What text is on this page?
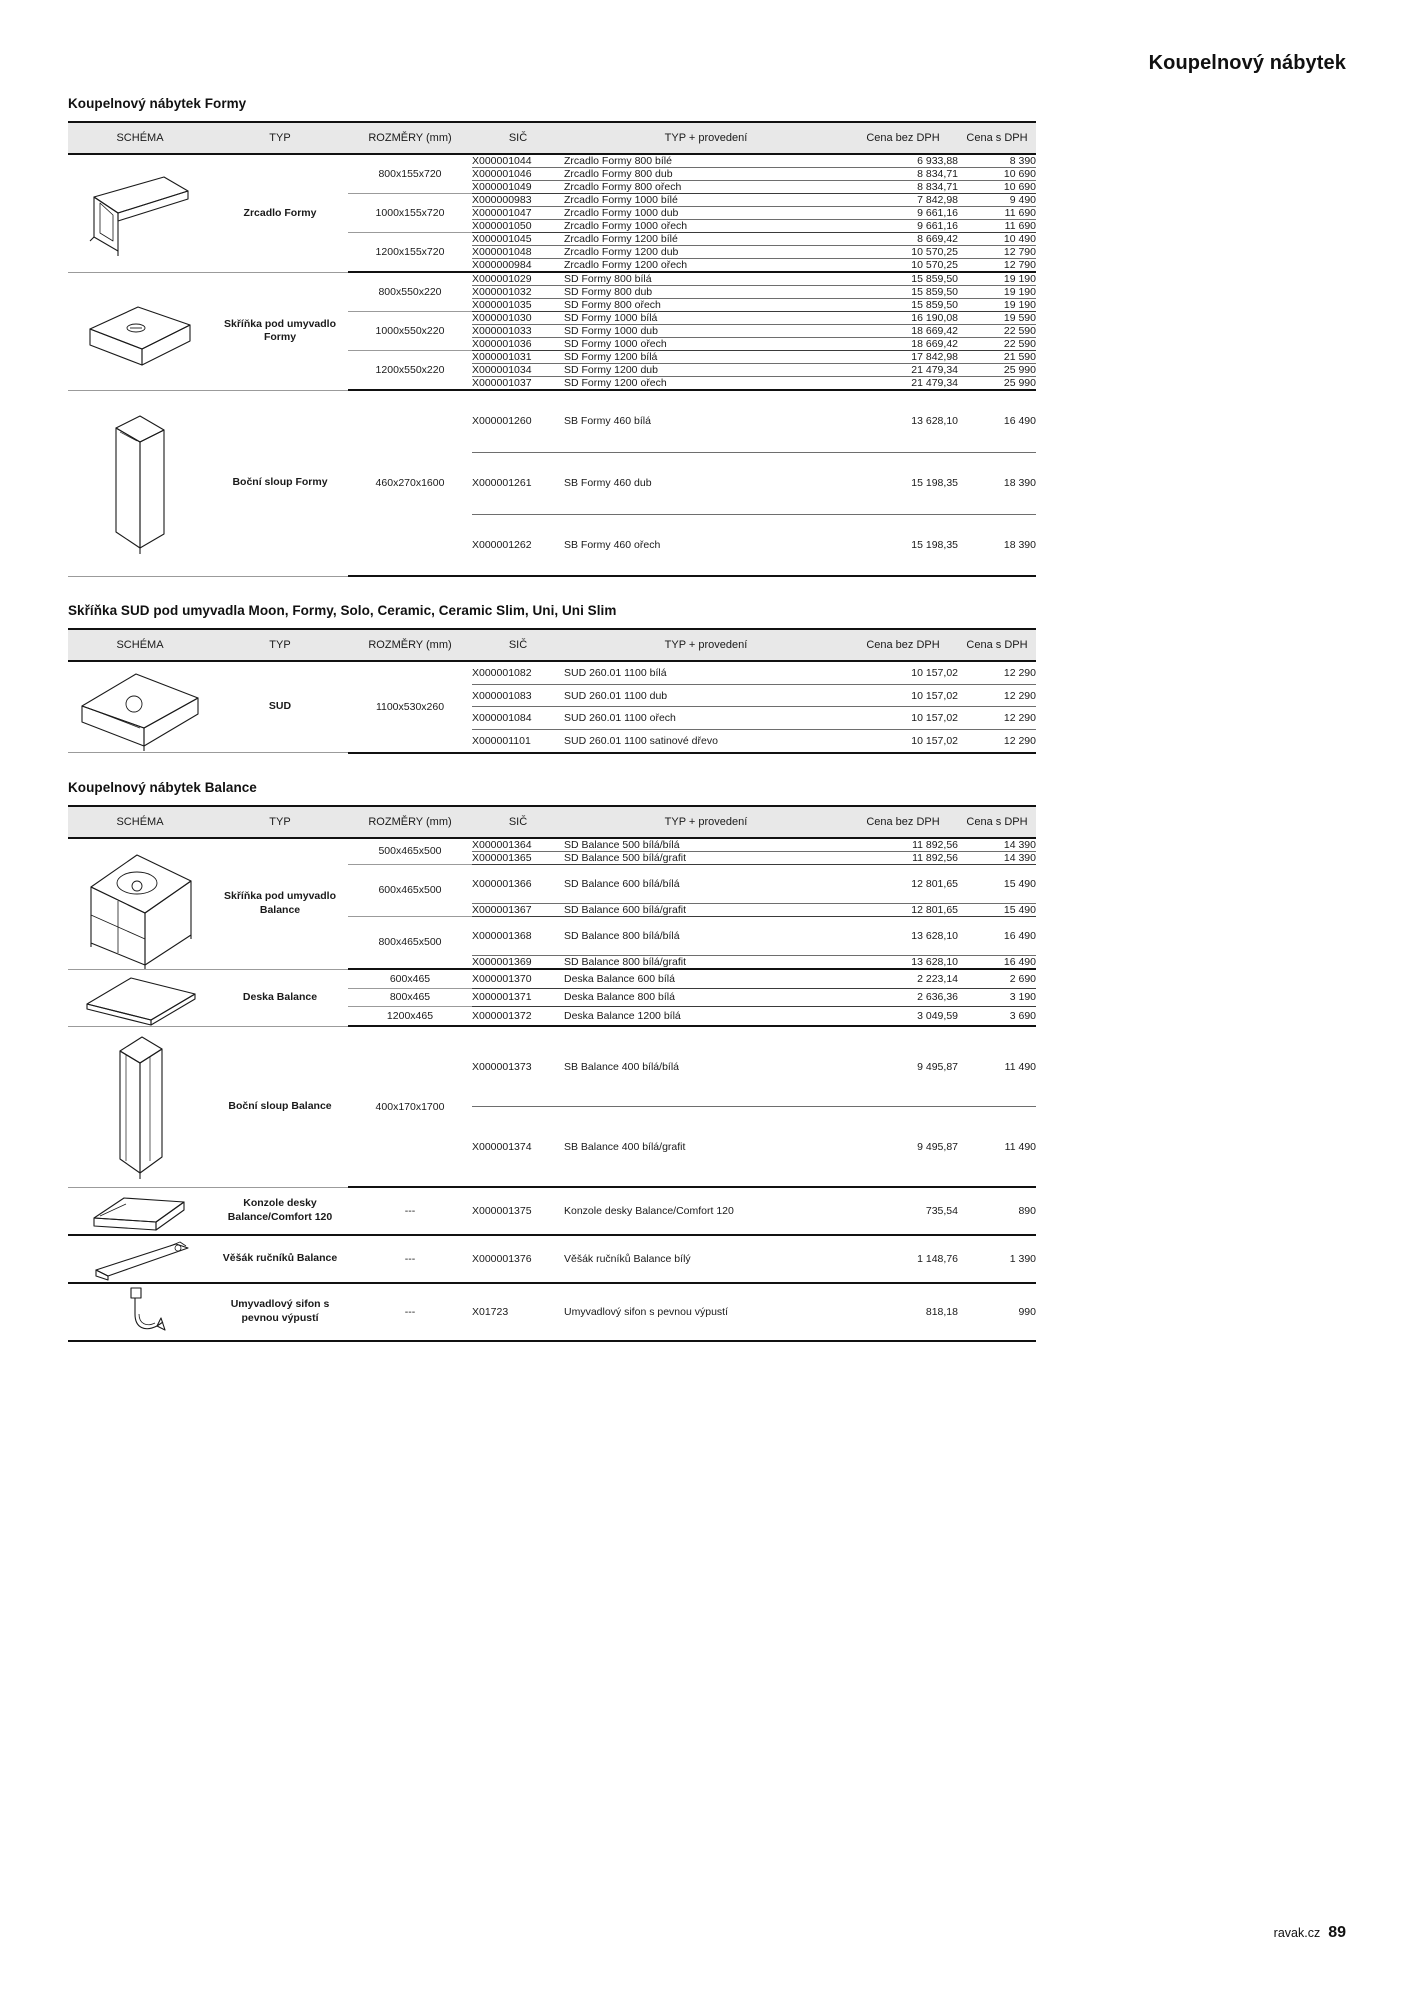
Koupelnový nábytek
Koupelnový nábytek Formy
SCHÉMA	TYP	ROZMĚRY (mm)	SIČ	TYP + provedení	Cena bez DPH	Cena s DPH

	Zrcadlo Formy	800x155x720	X000001044	Zrcadlo Formy 800 bílé	6 933,88	8 390
			X000001046	Zrcadlo Formy 800 dub	8 834,71	10 690
			X000001049	Zrcadlo Formy 800 ořech	8 834,71	10 690
		1000x155x720	X000000983	Zrcadlo Formy 1000 bílé	7 842,98	9 490
			X000001047	Zrcadlo Formy 1000 dub	9 661,16	11 690
			X000001050	Zrcadlo Formy 1000 ořech	9 661,16	11 690
		1200x155x720	X000001045	Zrcadlo Formy 1200 bílé	8 669,42	10 490
			X000001048	Zrcadlo Formy 1200 dub	10 570,25	12 790
			X000000984	Zrcadlo Formy 1200 ořech	10 570,25	12 790

	Skříňka pod umyvadlo Formy	800x550x220	X000001029	SD Formy 800 bílá	15 859,50	19 190
			X000001032	SD Formy 800 dub	15 859,50	19 190
			X000001035	SD Formy 800 ořech	15 859,50	19 190
		1000x550x220	X000001030	SD Formy 1000 bílá	16 190,08	19 590
			X000001033	SD Formy 1000 dub	18 669,42	22 590
			X000001036	SD Formy 1000 ořech	18 669,42	22 590
		1200x550x220	X000001031	SD Formy 1200 bílá	17 842,98	21 590
			X000001034	SD Formy 1200 dub	21 479,34	25 990
			X000001037	SD Formy 1200 ořech	21 479,34	25 990

	Boční sloup Formy	460x270x1600	X000001260	SB Formy 460 bílá	13 628,10	16 490
			X000001261	SB Formy 460 dub	15 198,35	18 390
			X000001262	SB Formy 460 ořech	15 198,35	18 390
Skříňka SUD pod umyvadla Moon, Formy, Solo, Ceramic, Ceramic Slim, Uni, Uni Slim
SCHÉMA	TYP	ROZMĚRY (mm)	SIČ	TYP + provedení	Cena bez DPH	Cena s DPH

	SUD	1100x530x260	X000001082	SUD 260.01 1100 bílá	10 157,02	12 290
			X000001083	SUD 260.01 1100 dub	10 157,02	12 290
			X000001084	SUD 260.01 1100 ořech	10 157,02	12 290
			X000001101	SUD 260.01 1100 satinové dřevo	10 157,02	12 290
Koupelnový nábytek Balance
SCHÉMA	TYP	ROZMĚRY (mm)	SIČ	TYP + provedení	Cena bez DPH	Cena s DPH

	Skříňka pod umyvadlo Balance	500x465x500	X000001364	SD Balance 500 bílá/bílá	11 892,56	14 390
			X000001365	SD Balance 500 bílá/grafit	11 892,56	14 390
		600x465x500	X000001366	SD Balance 600 bílá/bílá	12 801,65	15 490
			X000001367	SD Balance 600 bílá/grafit	12 801,65	15 490
		800x465x500	X000001368	SD Balance 800 bílá/bílá	13 628,10	16 490
			X000001369	SD Balance 800 bílá/grafit	13 628,10	16 490

	Deska Balance	600x465	X000001370	Deska Balance 600 bílá	2 223,14	2 690
		800x465	X000001371	Deska Balance 800 bílá	2 636,36	3 190
		1200x465	X000001372	Deska Balance 1200 bílá	3 049,59	3 690

	Boční sloup Balance	400x170x1700	X000001373	SB Balance 400 bílá/bílá	9 495,87	11 490
			X000001374	SB Balance 400 bílá/grafit	9 495,87	11 490

	Konzole desky Balance/Comfort 120	---	X000001375	Konzole desky Balance/Comfort 120	735,54	890

	Věšák ručníků Balance	---	X000001376	Věšák ručníků Balance bílý	1 148,76	1 390

	Umyvadlový sifon s pevnou výpustí	---	X01723	Umyvadlový sifon s pevnou výpustí	818,18	990
ravak.cz 89
